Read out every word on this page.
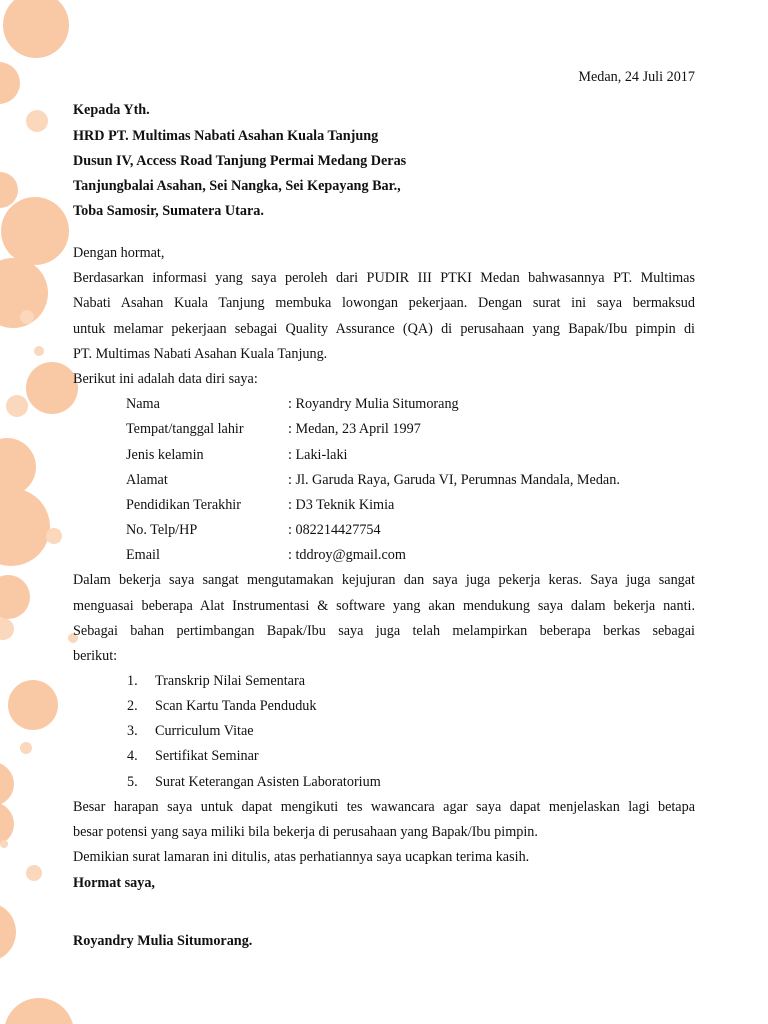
Medan, 24 Juli 2017
Kepada Yth.
HRD PT. Multimas Nabati Asahan Kuala Tanjung
Dusun IV, Access Road Tanjung Permai Medang Deras
Tanjungbalai Asahan, Sei Nangka, Sei Kepayang Bar.,
Toba Samosir, Sumatera Utara.
Dengan hormat,
Berdasarkan informasi yang saya peroleh dari PUDIR III PTKI Medan bahwasannya PT. Multimas
Nabati Asahan Kuala Tanjung membuka lowongan pekerjaan. Dengan surat ini saya bermaksud
untuk melamar pekerjaan sebagai Quality Assurance (QA) di perusahaan yang Bapak/Ibu pimpin di
PT. Multimas Nabati Asahan Kuala Tanjung.
Berikut ini adalah data diri saya:
Nama	: Royandry Mulia Situmorang
Tempat/tanggal lahir	: Medan, 23 April 1997
Jenis kelamin	: Laki-laki
Alamat	: Jl. Garuda Raya, Garuda VI, Perumnas Mandala, Medan.
Pendidikan Terakhir	: D3 Teknik Kimia
No. Telp/HP	: 082214427754
Email	: tddroy@gmail.com
Dalam bekerja saya sangat mengutamakan kejujuran dan saya juga pekerja keras. Saya juga sangat
menguasai beberapa Alat Instrumentasi & software yang akan mendukung saya dalam bekerja nanti.
Sebagai bahan pertimbangan Bapak/Ibu saya juga telah melampirkan beberapa berkas sebagai
berikut:
1. Transkrip Nilai Sementara
2. Scan Kartu Tanda Penduduk
3. Curriculum Vitae
4. Sertifikat Seminar
5. Surat Keterangan Asisten Laboratorium
Besar harapan saya untuk dapat mengikuti tes wawancara agar saya dapat menjelaskan lagi betapa
besar potensi yang saya miliki bila bekerja di perusahaan yang Bapak/Ibu pimpin.
Demikian surat lamaran ini ditulis, atas perhatiannya saya ucapkan terima kasih.
Hormat saya,
Royandry Mulia Situmorang.
